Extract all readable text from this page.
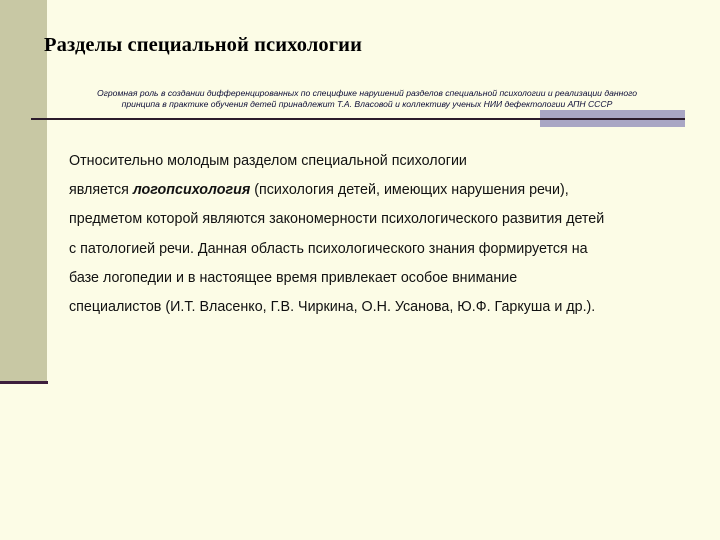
Разделы специальной психологии
Огромная роль в создании дифференцированных по специфике нарушений разделов специальной психологии и реализации данного
принципа в практике обучения детей принадлежит Т.А. Власовой и коллективу ученых НИИ дефектологии АПН СССР

Относительно молодым разделом специальной психологии
является логопсихология (психология детей, имеющих нарушения речи),
предметом которой являются закономерности психологического развития детей
с патологией речи. Данная область психологического знания формируется на
базе логопедии и в настоящее время привлекает особое внимание
специалистов (И.Т. Власенко, Г.В. Чиркина, О.Н. Усанова, Ю.Ф. Гаркуша и др.).
